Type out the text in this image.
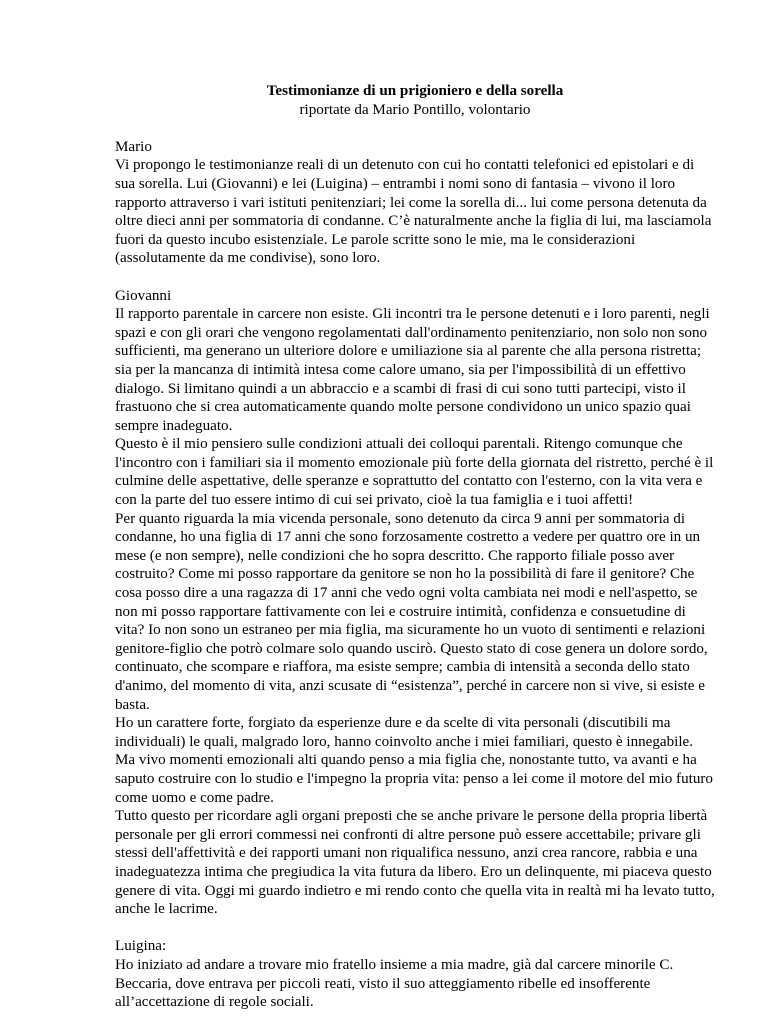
Testimonianze di un prigioniero e della sorella

riportate da Mario Pontillo, volontario

Mario

Vi propongo le testimonianze reali di un detenuto con cui ho contatti telefonici ed epistolari e di sua sorella. Lui (Giovanni) e lei (Luigina) – entrambi i nomi sono di fantasia – vivono il loro rapporto attraverso i vari istituti penitenziari; lei come la sorella di... lui come persona detenuta da oltre dieci anni per sommatoria di condanne. C’è naturalmente anche la figlia di lui, ma lasciamola fuori da questo incubo esistenziale. Le parole scritte sono le mie, ma le considerazioni (assolutamente da me condivise), sono loro.

Giovanni

Il rapporto parentale in carcere non esiste. Gli incontri tra le persone detenuti e i loro parenti, negli spazi e con gli orari che vengono regolamentati dall'ordinamento penitenziario, non solo non sono sufficienti, ma generano un ulteriore dolore e umiliazione sia al parente che alla persona ristretta; sia per la mancanza di intimità intesa come calore umano, sia per l'impossibilità di un effettivo dialogo. Si limitano quindi a un abbraccio e a scambi di frasi di cui sono tutti partecipi, visto il frastuono che si crea automaticamente quando molte persone condividono un unico spazio quai sempre inadeguato.

Questo è il mio pensiero sulle condizioni attuali dei colloqui parentali. Ritengo comunque che l'incontro con i familiari sia il momento emozionale più forte della giornata del ristretto, perché è il culmine delle aspettative, delle speranze e soprattutto del contatto con l'esterno, con la vita vera e con la parte del tuo essere intimo di cui sei privato, cioè la tua famiglia e i tuoi affetti!

Per quanto riguarda la mia vicenda personale, sono detenuto da circa 9 anni per sommatoria di condanne, ho una figlia di 17 anni che sono forzosamente costretto a vedere per quattro ore in un mese (e non sempre), nelle condizioni che ho sopra descritto. Che rapporto filiale posso aver costruito? Come mi posso rapportare da genitore se non ho la possibilità di fare il genitore? Che cosa posso dire a una ragazza di 17 anni che vedo ogni volta cambiata nei modi e nell'aspetto, se non mi posso rapportare fattivamente con lei e costruire intimità, confidenza e consuetudine di vita? Io non sono un estraneo per mia figlia, ma sicuramente ho un vuoto di sentimenti e relazioni genitore-figlio che potrò colmare solo quando uscirò. Questo stato di cose genera un dolore sordo, continuato, che scompare e riaffora, ma esiste sempre; cambia di intensità a seconda dello stato d'animo, del momento di vita, anzi scusate di “esistenza”, perché in carcere non si vive, si esiste e basta.

Ho un carattere forte, forgiato da esperienze dure e da scelte di vita personali (discutibili ma individuali) le quali, malgrado loro, hanno coinvolto anche i miei familiari, questo è innegabile. Ma vivo momenti emozionali alti quando penso a mia figlia che, nonostante tutto, va avanti e ha saputo costruire con lo studio e l'impegno la propria vita: penso a lei come il motore del mio futuro come uomo e come padre.

Tutto questo per ricordare agli organi preposti che se anche privare le persone della propria libertà personale per gli errori commessi nei confronti di altre persone può essere accettabile; privare gli stessi dell'affettività e dei rapporti umani non riqualifica nessuno, anzi crea rancore, rabbia e una inadeguatezza intima che pregiudica la vita futura da libero. Ero un delinquente, mi piaceva questo genere di vita. Oggi mi guardo indietro e mi rendo conto che quella vita in realtà mi ha levato tutto, anche le lacrime.

Luigina:

Ho iniziato ad andare a trovare mio fratello insieme a mia madre, già dal carcere minorile C. Beccaria, dove entrava per piccoli reati, visto il suo atteggiamento ribelle ed insofferente all’accettazione di regole sociali.
